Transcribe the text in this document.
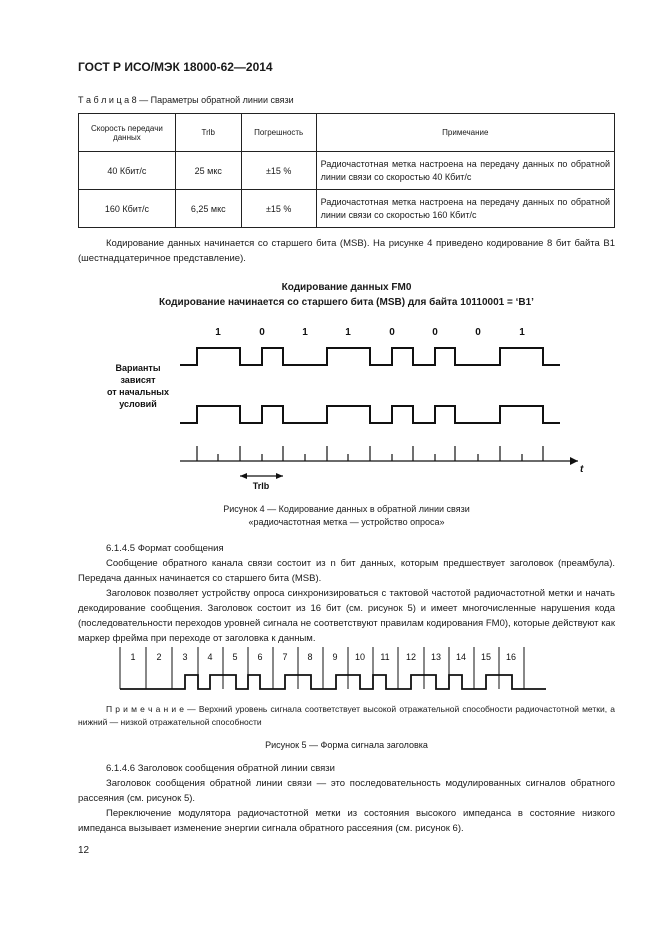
ГОСТ Р ИСО/МЭК 18000-62—2014
Т а б л и ц а 8 — Параметры обратной линии связи
Скорость передачи данных	Trlb	Погрешность	Примечание
40 Кбит/с	25 мкс	±15 %	Радиочастотная метка настроена на передачу данных по обратной линии связи со скоростью 40 Кбит/с
160 Кбит/с	6,25 мкс	±15 %	Радиочастотная метка настроена на передачу данных по обратной линии связи со скоростью 160 Кбит/с
Кодирование данных начинается со старшего бита (MSB). На рисунке 4 приведено кодирование 8 бит байта B1 (шестнадцатеричное представление).
Кодирование данных FM0
Кодирование начинается со старшего бита (MSB) для байта 10110001 = ‘B1’
1	0	1	1	0	0	0	1
Варианты
зависят
от начальных
условий
Trlb
t
Рисунок 4 — Кодирование данных в обратной линии связи
«радиочастотная метка — устройство опроса»
6.1.4.5 Формат сообщения
Сообщение обратного канала связи состоит из n бит данных, которым предшествует заголовок (преамбула). Передача данных начинается со старшего бита (MSB).
Заголовок позволяет устройству опроса синхронизироваться с тактовой частотой радиочастотной метки и начать декодирование сообщения. Заголовок состоит из 16 бит (см. рисунок 5) и имеет многочисленные нарушения кода (последовательности переходов уровней сигнала не соответствуют правилам кодирования FM0), которые действуют как маркер фрейма при переходе от заголовка к данным.
1 2 3 4 5 6 7 8 9 10 11 12 13 14 15 16
П р и м е ч а н и е — Верхний уровень сигнала соответствует высокой отражательной способности радиочастотной метки, а нижний — низкой отражательной способности
Рисунок 5 — Форма сигнала заголовка
6.1.4.6 Заголовок сообщения обратной линии связи
Заголовок сообщения обратной линии связи — это последовательность модулированных сигналов обратного рассеяния (см. рисунок 5).
Переключение модулятора радиочастотной метки из состояния высокого импеданса в состояние низкого импеданса вызывает изменение энергии сигнала обратного рассеяния (см. рисунок 6).
12
